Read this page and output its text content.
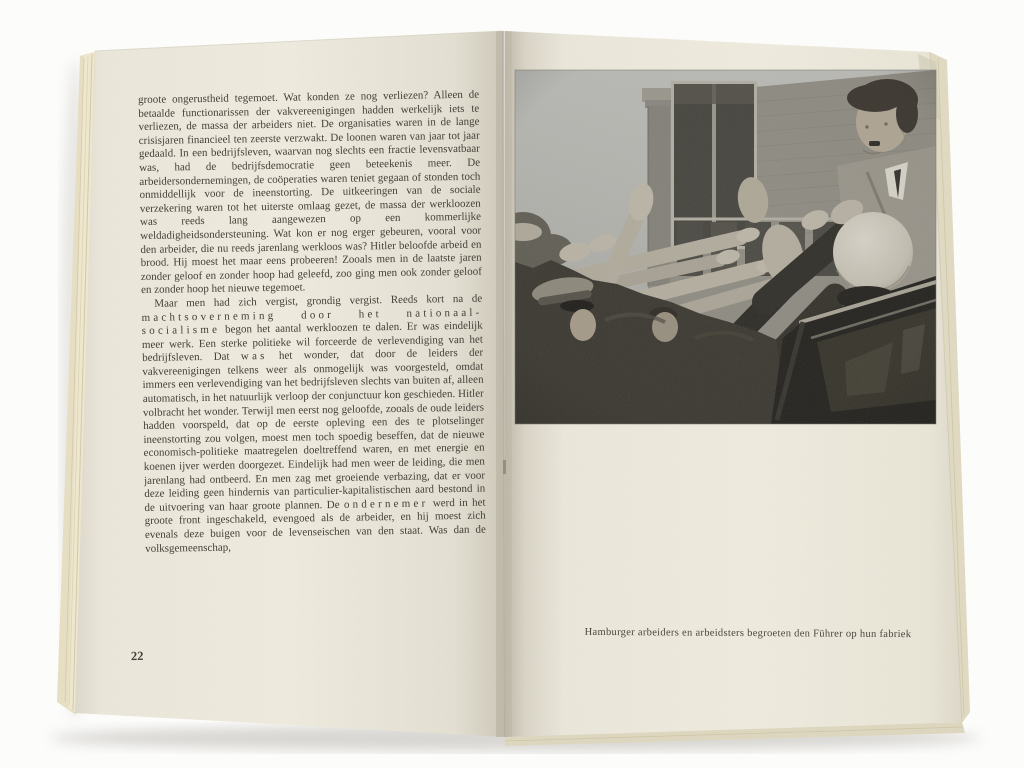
groote ongerustheid tegemoet. Wat konden ze nog verliezen? Alleen de betaalde functionarissen der vakvereenigingen hadden werkelijk iets te verliezen, de massa der arbeiders niet. De organisaties waren in de lange crisisjaren financieel ten zeerste verzwakt. De loonen waren van jaar tot jaar gedaald. In een bedrijfsleven, waarvan nog slechts een fractie levensvatbaar was, had de bedrijfsdemocratie geen beteekenis meer. De arbeidersondernemingen, de coöperaties waren teniet gegaan of stonden toch onmiddellijk voor de ineenstorting. De uitkeeringen van de sociale verzekering waren tot het uiterste omlaag gezet, de massa der werkloozen was reeds lang aangewezen op een kommerlijke weldadigheidsondersteuning. Wat kon er nog erger gebeuren, vooral voor den arbeider, die nu reeds jarenlang werkloos was? Hitler beloofde arbeid en brood. Hij moest het maar eens probeeren! Zooals men in de laatste jaren zonder geloof en zonder hoop had geleefd, zoo ging men ook zonder geloof en zonder hoop het nieuwe tegemoet.

Maar men had zich vergist, grondig vergist. Reeds kort na de machtsoverneming door het nationaal-socialisme begon het aantal werkloozen te dalen. Er was eindelijk meer werk. Een sterke politieke wil forceerde de verlevendiging van het bedrijfsleven. Dat was het wonder, dat door de leiders der vakvereenigingen telkens weer als onmogelijk was voorgesteld, omdat immers een verlevendiging van het bedrijfsleven slechts van buiten af, alleen automatisch, in het natuurlijk verloop der conjunctuur kon geschieden. Hitler volbracht het wonder. Terwijl men eerst nog geloofde, zooals de oude leiders hadden voorspeld, dat op de eerste opleving een des te plotselinger ineenstorting zou volgen, moest men toch spoedig beseffen, dat de nieuwe economisch-politieke maatregelen doeltreffend waren, en met energie en koenen ijver werden doorgezet. Eindelijk had men weer de leiding, die men jarenlang had ontbeerd. En men zag met groeiende verbazing, dat er voor deze leiding geen hindernis van particulier-kapitalistischen aard bestond in de uitvoering van haar groote plannen. De ondernemer werd in het groote front ingeschakeld, evengoed als de arbeider, en hij moest zich evenals deze buigen voor de levenseischen van den staat. Was dan de volksgemeenschap,

22
Hamburger arbeiders en arbeidsters begroeten den Führer op hun fabriek
